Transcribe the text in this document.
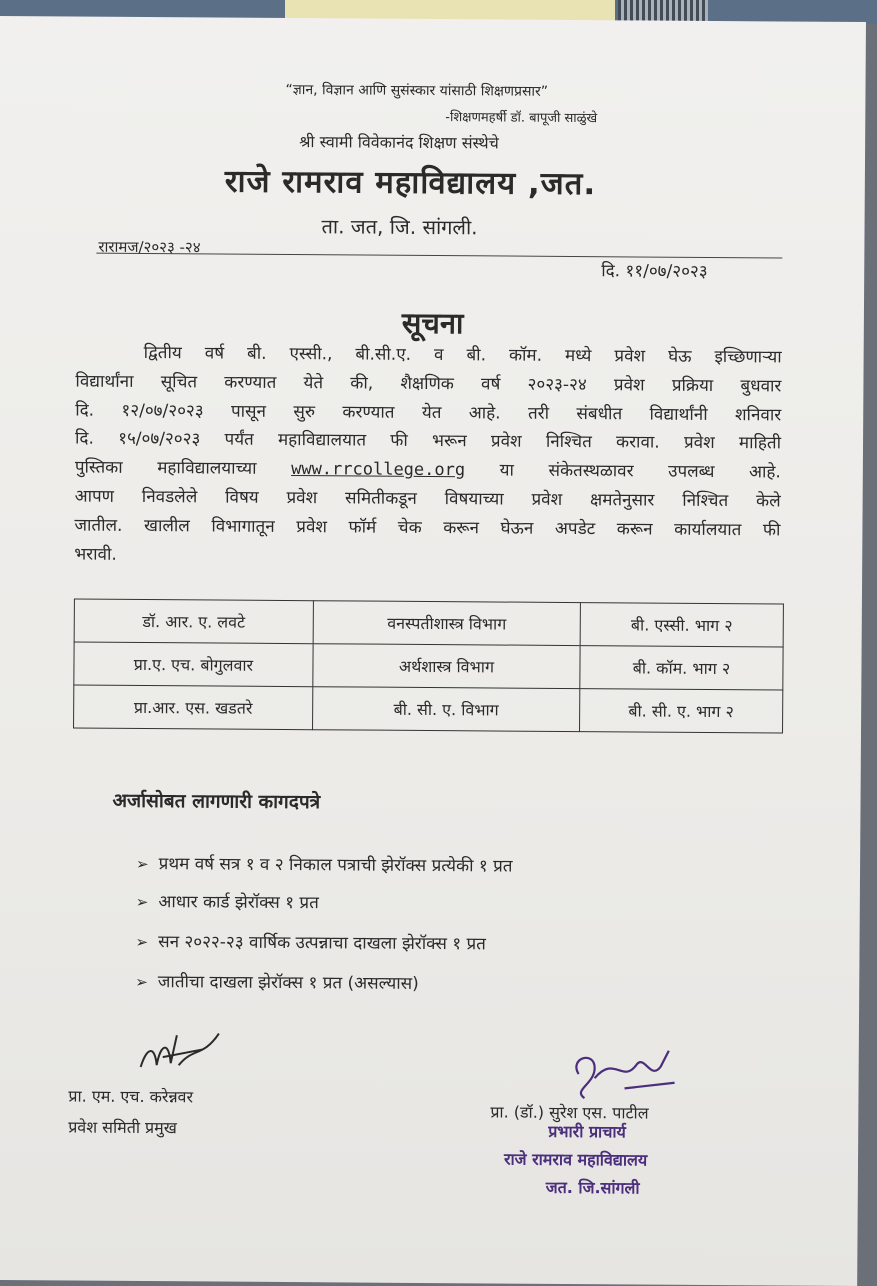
“ज्ञान, विज्ञान आणि सुसंस्कार यांसाठी शिक्षणप्रसार”
-शिक्षणमहर्षी डॉ. बापूजी साळुंखे
श्री स्वामी विवेकानंद शिक्षण संस्थेचे
राजे रामराव महाविद्यालय ,जत.
ता. जत, जि. सांगली.
रारामज/२०२३ -२४
दि. ११/०७/२०२३
सूचना
द्वितीय वर्ष बी. एस्सी., बी.सी.ए. व बी. कॉम. मध्ये प्रवेश घेऊ इच्छिणाऱ्या
विद्यार्थांना सूचित करण्यात येते की, शैक्षणिक वर्ष २०२३-२४ प्रवेश प्रक्रिया बुधवार
दि. १२/०७/२०२३ पासून सुरु करण्यात येत आहे. तरी संबधीत विद्यार्थांनी शनिवार
दि. १५/०७/२०२३ पर्यंत महाविद्यालयात फी भरून प्रवेश निश्चित करावा. प्रवेश माहिती
पुस्तिका महाविद्यालयाच्या www.rrcollege.org या संकेतस्थळावर उपलब्ध आहे.
आपण निवडलेले विषय प्रवेश समितीकडून विषयाच्या प्रवेश क्षमतेनुसार निश्चित केले
जातील. खालील विभागातून प्रवेश फॉर्म चेक करून घेऊन अपडेट करून कार्यालयात फी
भरावी.
डॉ. आर. ए. लवटे	वनस्पतीशास्त्र विभाग	बी. एस्सी. भाग २
प्रा.ए. एच. बोगुलवार	अर्थशास्त्र विभाग	बी. कॉम. भाग २
प्रा.आर. एस. खडतरे	बी. सी. ए. विभाग	बी. सी. ए. भाग २
अर्जासोबत लागणारी कागदपत्रे
➢ प्रथम वर्ष सत्र १ व २ निकाल पत्राची झेरॉक्स प्रत्येकी १ प्रत
➢ आधार कार्ड झेरॉक्स १ प्रत
➢ सन २०२२-२३ वार्षिक उत्पन्नाचा दाखला झेरॉक्स १ प्रत
➢ जातीचा दाखला झेरॉक्स १ प्रत (असल्यास)
प्रा. एम. एच. करेन्नवर
प्रवेश समिती प्रमुख
प्रा. (डॉ.) सुरेश एस. पाटील
प्रभारी प्राचार्य
राजे रामराव महाविद्यालय
जत. जि.सांगली
